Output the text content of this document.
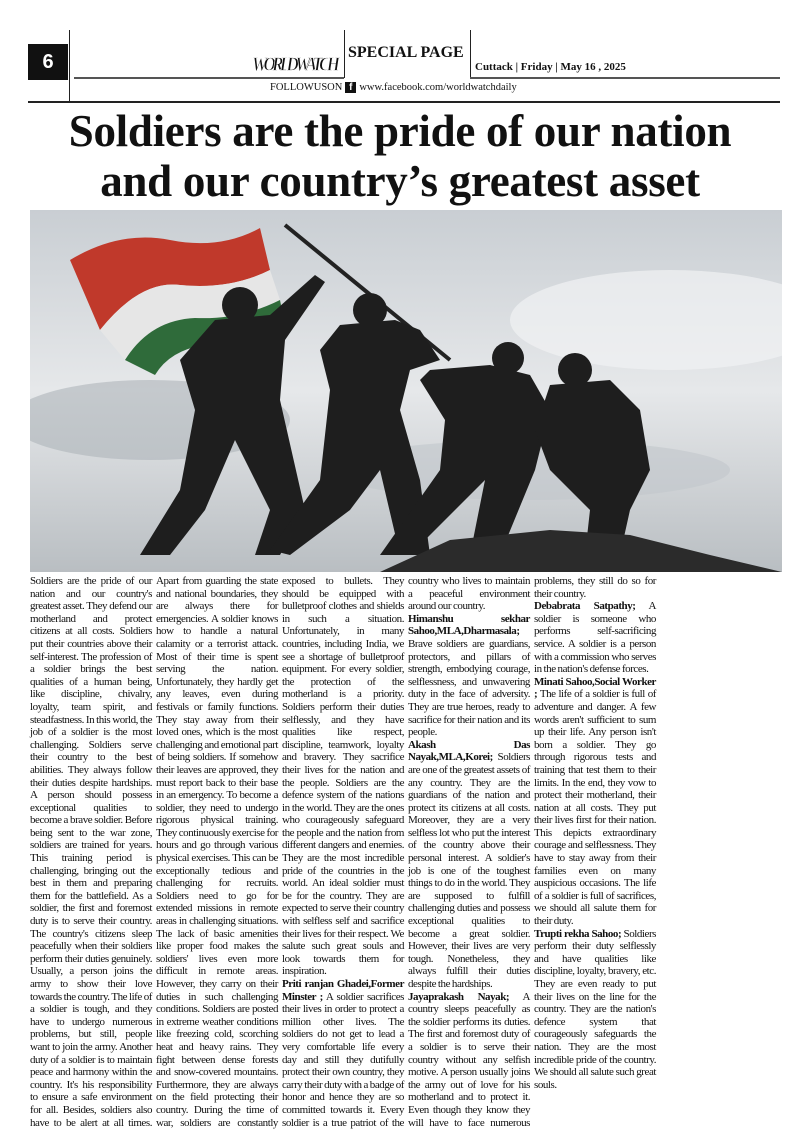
6	WORLD WATCH
SPECIAL PAGE
Cuttack | Friday | May 16 , 2025
FOLLOWUSON f www.facebook.com/worldwatchdaily
Soldiers are the pride of our nation
and our country’s greatest asset

Soldiers are the pride of our nation and our country's greatest asset. They defend our motherland and protect citizens at all costs. Soldiers put their countries above their self-interest. The profession of a soldier brings the best qualities of a human being, like discipline, chivalry, loyalty, team spirit, and steadfastness. In this world, the job of a soldier is the most challenging. Soldiers serve their country to the best abilities. They always follow their duties despite hardships. A person should possess exceptional qualities to become a brave soldier. Before being sent to the war zone, soldiers are trained for years. This training period is challenging, bringing out the best in them and preparing them for the battlefield. As a soldier, the first and foremost duty is to serve their country. The country's citizens sleep peacefully when their soldiers perform their duties genuinely. Usually, a person joins the army to show their love towards the country. The life of a soldier is tough, and they have to undergo numerous problems, but still, people want to join the army. Another duty of a soldier is to maintain peace and harmony within the country. It's his responsibility to ensure a safe environment for all. Besides, soldiers also have to be alert at all times. Apart from guarding the state and national boundaries, they are always there for emergencies. A soldier knows how to handle a natural calamity or a terrorist attack. Most of their time is spent serving the nation. Unfortunately, they hardly get any leaves, even during festivals or family functions. They stay away from their loved ones, which is the most challenging and emotional part of being soldiers. If somehow their leaves are approved, they must report back to their base in an emergency. To become a soldier, they need to undergo rigorous physical training. They continuously exercise for hours and go through various physical exercises. This can be exceptionally tedious and challenging for recruits. Soldiers need to go for extended missions in remote areas in challenging situations. The lack of basic amenities like proper food makes the soldiers' lives even more difficult in remote areas. However, they carry on their duties in such challenging conditions. Soldiers are posted in extreme weather conditions like freezing cold, scorching heat and heavy rains. They fight between dense forests and snow-covered mountains. Furthermore, they are always on the field protecting their country. During the time of war, soldiers are constantly exposed to bullets. They should be equipped with bulletproof clothes and shields in such a situation. Unfortunately, in many countries, including India, we see a shortage of bulletproof equipment. For every soldier, the protection of the motherland is a priority. Soldiers perform their duties selflessly, and they have qualities like respect, discipline, teamwork, loyalty and bravery. They sacrifice their lives for the nation and the people. Soldiers are the defence system of the nations in the world. They are the ones who courageously safeguard the people and the nation from different dangers and enemies. They are the most incredible pride of the countries in the world. An ideal soldier must be for the country. They are expected to serve their country with selfless self and sacrifice their lives for their respect. We salute such great souls and look towards them for inspiration.

Priti ranjan Ghadei,Former Minster ; A soldier sacrifices their lives in order to protect a million other lives. The soldiers do not get to lead a very comfortable life every day and still they dutifully protect their own country, they carry their duty with a badge of honor and hence they are so committed towards it. Every soldier is a true patriot of the country who lives to maintain a peaceful environment around our country.

Himanshu sekhar Sahoo,MLA,Dharmasala; Brave soldiers are guardians, protectors, and pillars of strength, embodying courage, selflessness, and unwavering duty in the face of adversity. They are true heroes, ready to sacrifice for their nation and its people.

Akash Das Nayak,MLA,Korei; Soldiers are one of the greatest assets of any country. They are the guardians of the nation and protect its citizens at all costs. Moreover, they are a very selfless lot who put the interest of the country above their personal interest. A soldier's job is one of the toughest things to do in the world. They are supposed to fulfill challenging duties and possess exceptional qualities to become a great soldier. However, their lives are very tough. Nonetheless, they always fulfill their duties despite the hardships.

Jayaprakash Nayak; A country sleeps peacefully as the soldier performs its duties. The first and foremost duty of a soldier is to serve their country without any selfish motive. A person usually joins the army out of love for his motherland and to protect it. Even though they know they will have to face numerous problems, they still do so for their country.

Debabrata Satpathy; A soldier is someone who performs self-sacrificing service. A soldier is a person with a commission who serves in the nation's defense forces.

Minati Sahoo,Social Worker ; The life of a soldier is full of adventure and danger. A few words aren't sufficient to sum up their life. Any person isn't born a soldier. They go through rigorous tests and training that test them to their limits. In the end, they vow to protect their motherland, their nation at all costs. They put their lives first for their nation. This depicts extraordinary courage and selflessness. They have to stay away from their families even on many auspicious occasions. The life of a soldier is full of sacrifices, we should all salute them for their duty.

Trupti rekha Sahoo; Soldiers perform their duty selflessly and have qualities like discipline, loyalty, bravery, etc. They are even ready to put their lives on the line for the country. They are the nation's defence system that courageously safeguards the nation. They are the most incredible pride of the country. We should all salute such great souls.
